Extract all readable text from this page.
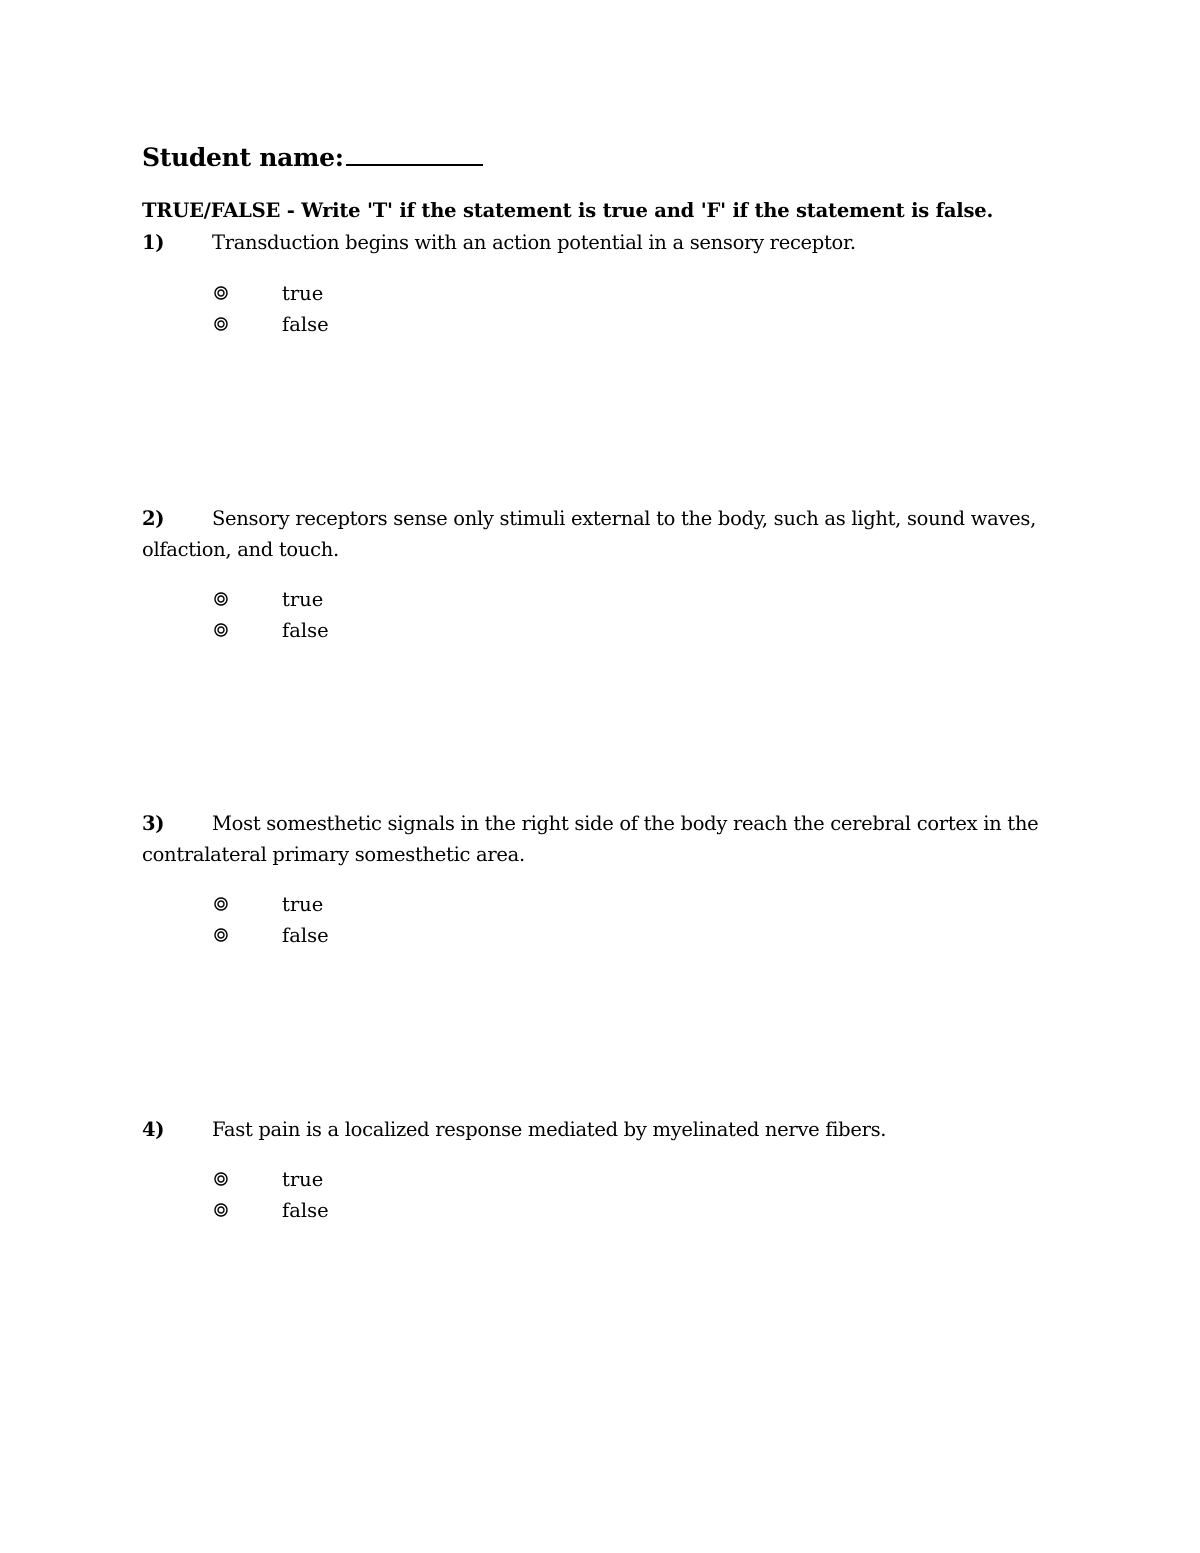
Student name:
TRUE/FALSE - Write 'T' if the statement is true and 'F' if the statement is false.
1) Transduction begins with an action potential in a sensory receptor.
true
false
2) Sensory receptors sense only stimuli external to the body, such as light, sound waves, olfaction, and touch.
true
false
3) Most somesthetic signals in the right side of the body reach the cerebral cortex in the contralateral primary somesthetic area.
true
false
4) Fast pain is a localized response mediated by myelinated nerve fibers.
true
false
